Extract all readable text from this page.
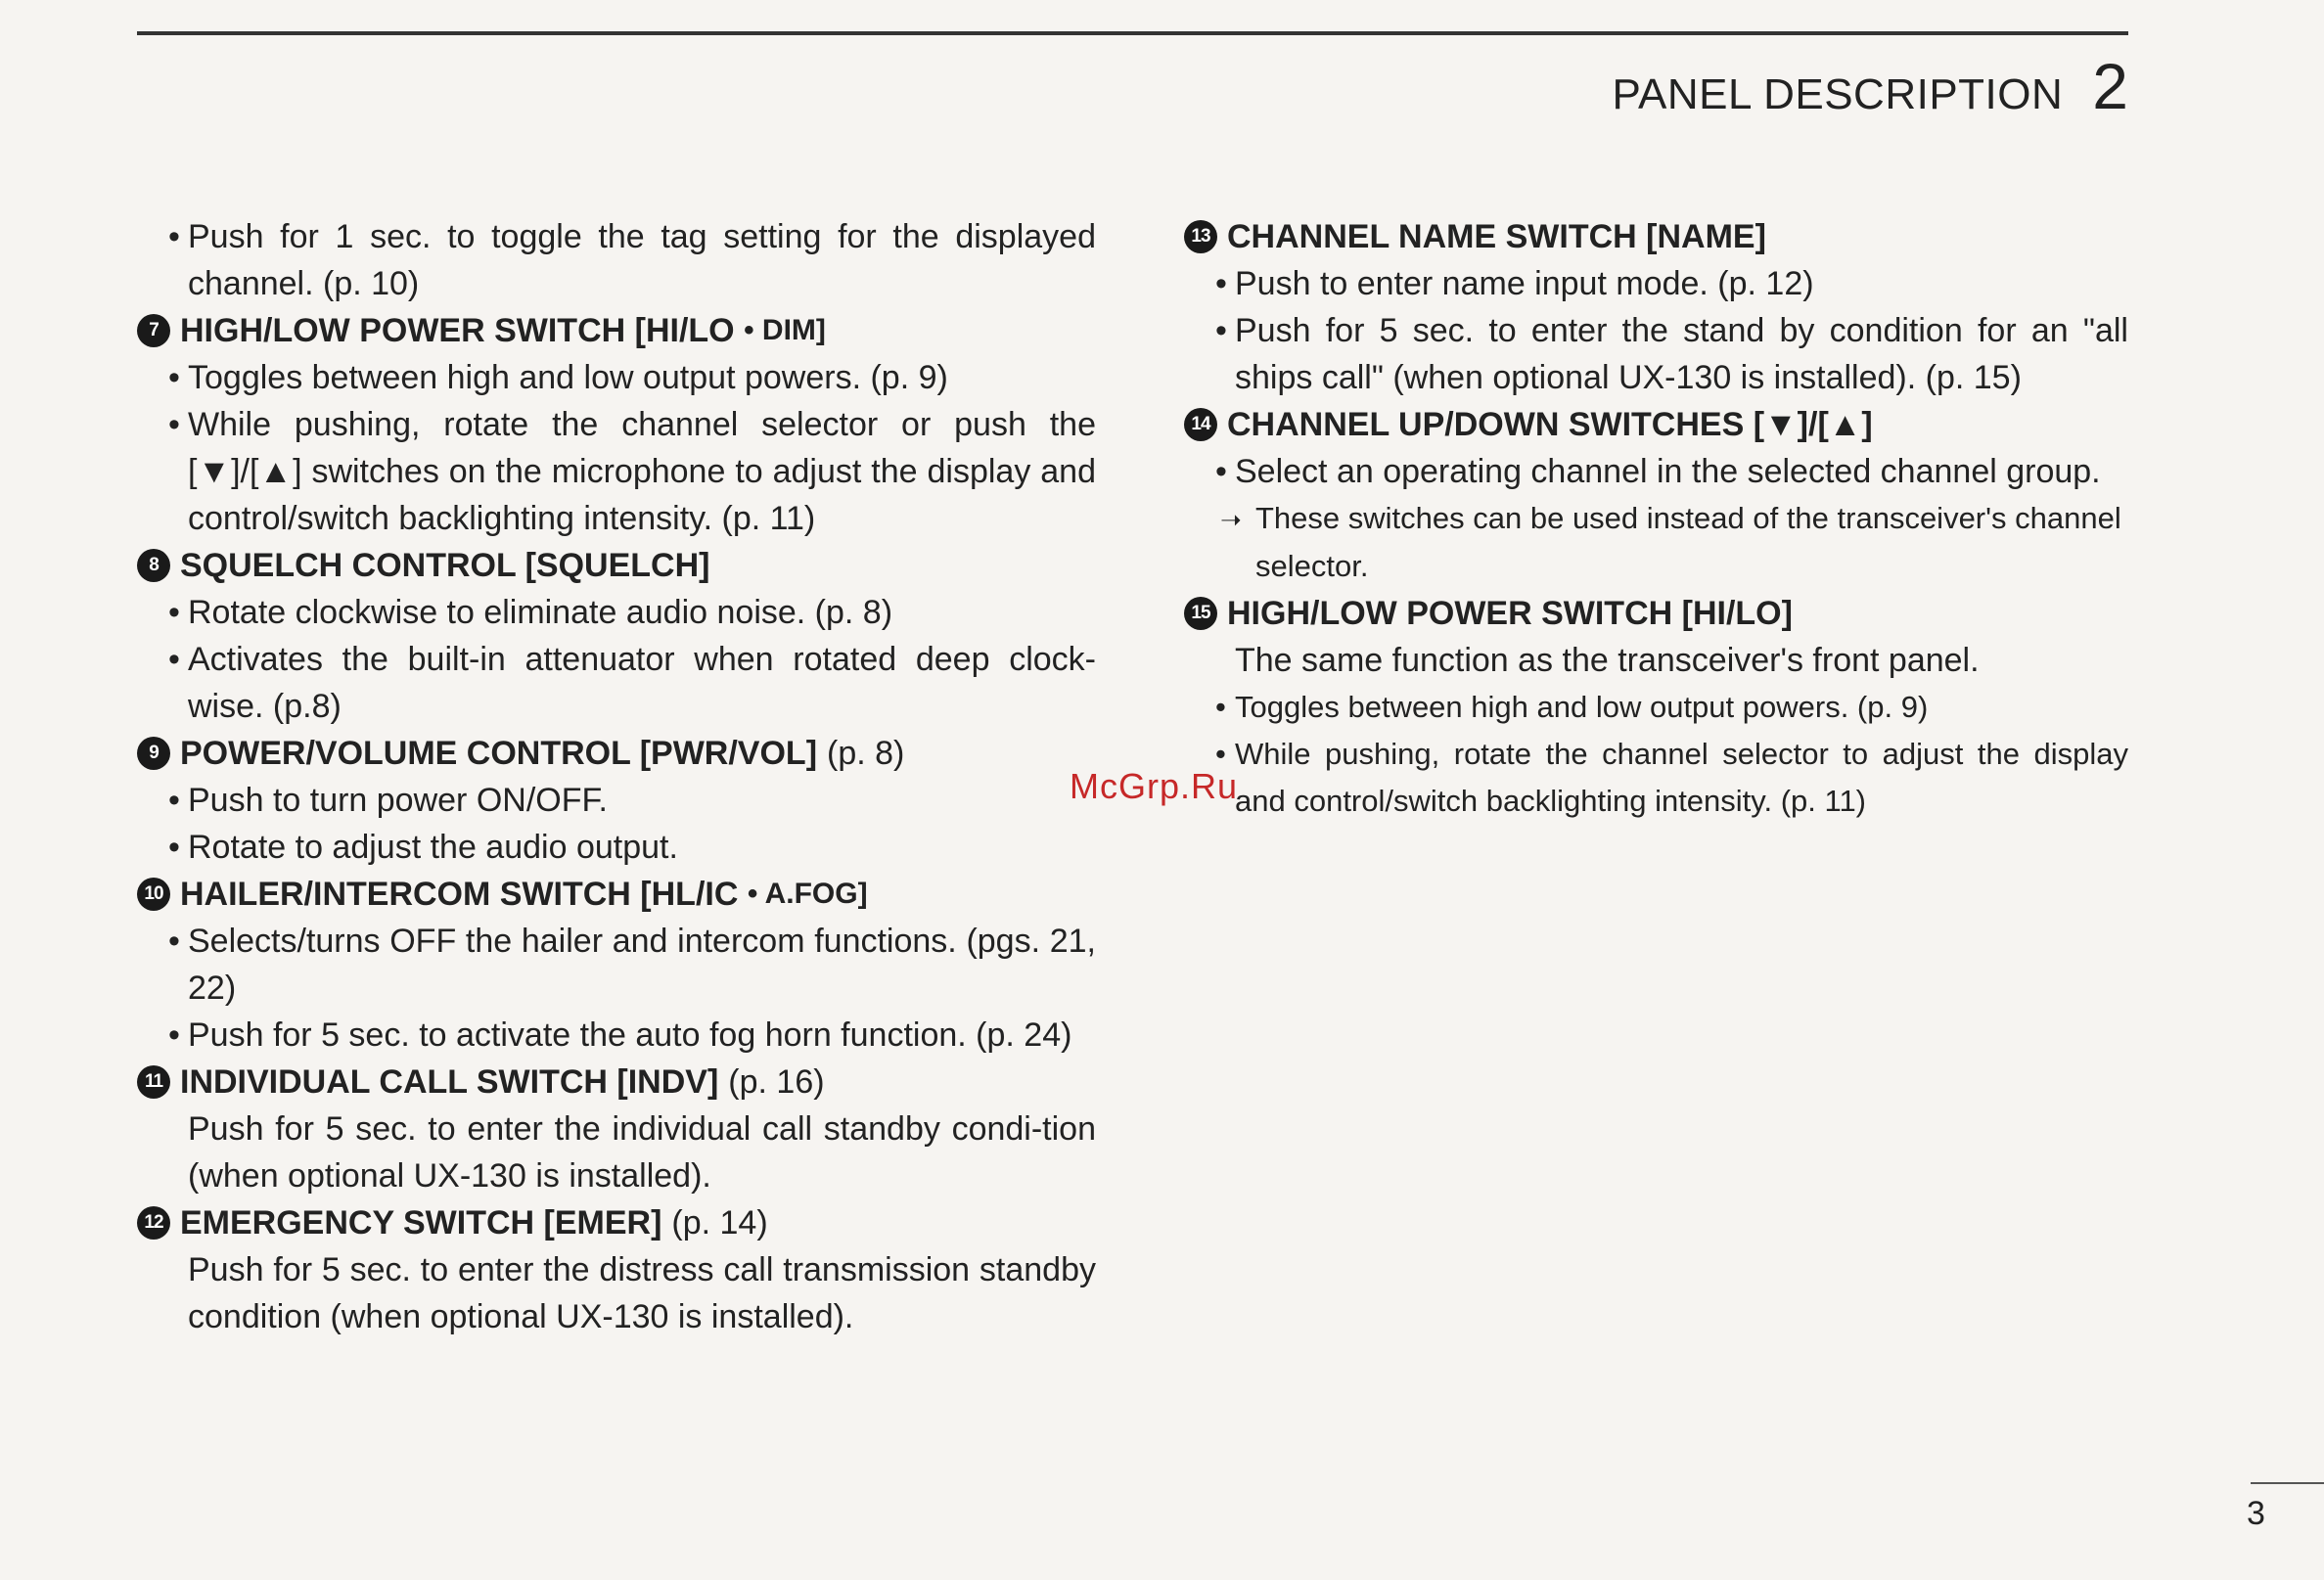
PANEL DESCRIPTION 2
• Push for 1 sec. to toggle the tag setting for the displayed channel. (p. 10)
7 HIGH/LOW POWER SWITCH [HI/LO
• DIM]
• Toggles between high and low output powers. (p. 9)
• While pushing, rotate the channel selector or push the [▼]/[▲] switches on the microphone to adjust the display and control/switch backlighting intensity. (p. 11)
8 SQUELCH CONTROL [SQUELCH]
• Rotate clockwise to eliminate audio noise. (p. 8)
• Activates the built-in attenuator when rotated deep clock-wise. (p.8)
9 POWER/VOLUME CONTROL [PWR/VOL] (p. 8)
• Push to turn power ON/OFF.
• Rotate to adjust the audio output.
10 HAILER/INTERCOM SWITCH [HL/IC
• A.FOG]
• Selects/turns OFF the hailer and intercom functions. (pgs. 21, 22)
• Push for 5 sec. to activate the auto fog horn function. (p. 24)
11 INDIVIDUAL CALL SWITCH [INDV] (p. 16)
Push for 5 sec. to enter the individual call standby condi-tion (when optional UX-130 is installed).
12 EMERGENCY SWITCH [EMER] (p. 14)
Push for 5 sec. to enter the distress call transmission standby condition (when optional UX-130 is installed).
13 CHANNEL NAME SWITCH [NAME]
• Push to enter name input mode. (p. 12)
• Push for 5 sec. to enter the stand by condition for an "all ships call" (when optional UX-130 is installed). (p. 15)
14 CHANNEL UP/DOWN SWITCHES [▼]/[▲]
• Select an operating channel in the selected channel group.
➝ These switches can be used instead of the transceiver's channel selector.
15 HIGH/LOW POWER SWITCH [HI/LO]
The same function as the transceiver's front panel.
• Toggles between high and low output powers. (p. 9)
• While pushing, rotate the channel selector to adjust the display and control/switch backlighting intensity. (p. 11)
McGrp.Ru
3
